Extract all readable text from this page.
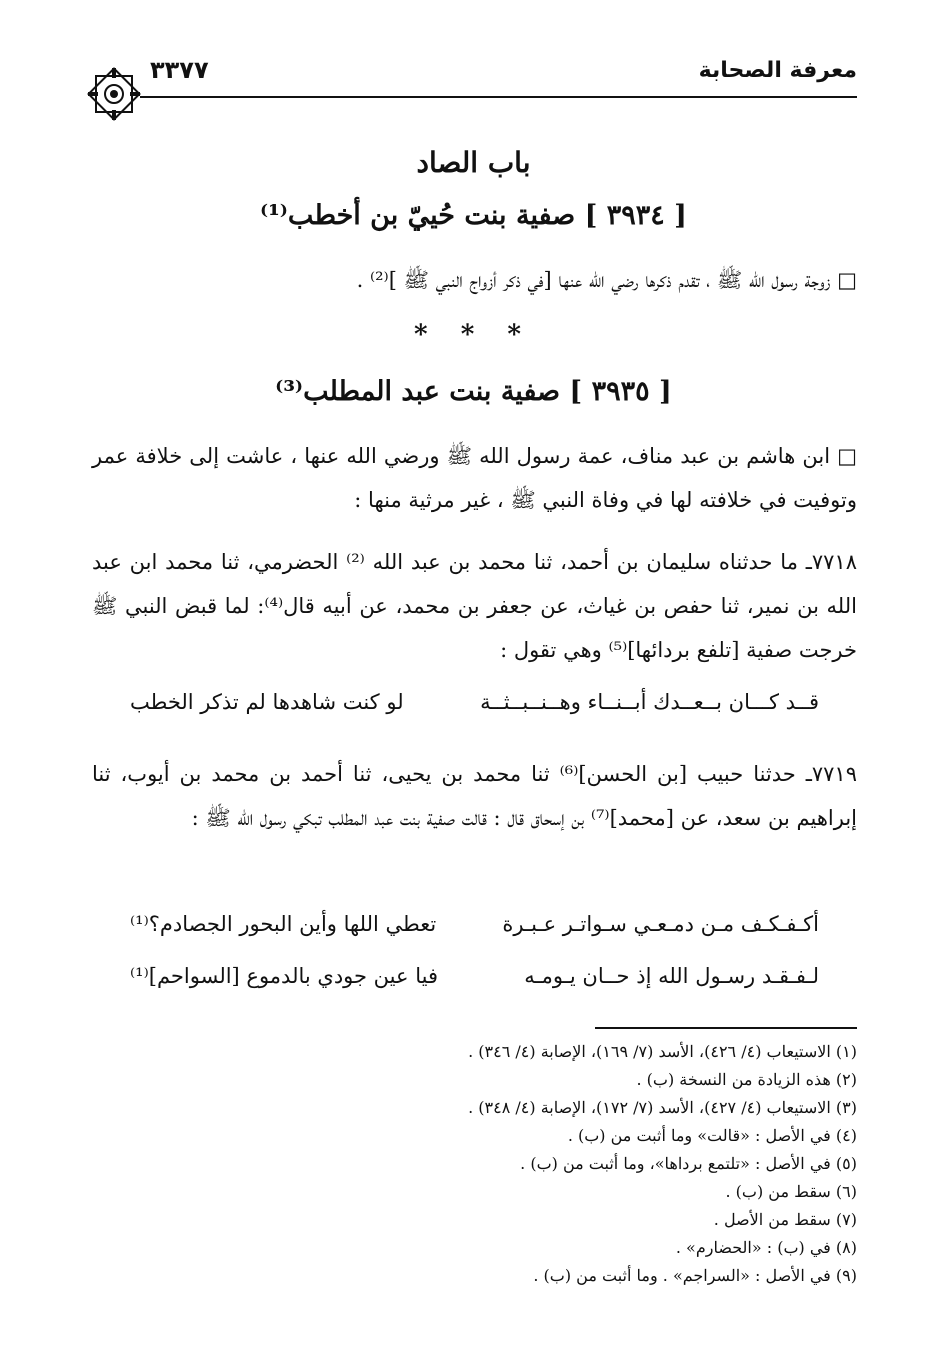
معرفة الصحابة
٣٣٧٧
باب الصاد
[ ٣٩٣٤ ] صفية بنت حُييّ بن أخطب⁽¹⁾
□ زوجة رسول الله ﷺ ، تقدم ذكرها رضي الله عنها [في ذكر أزواج النبي ﷺ ]⁽²⁾ .
* * *
[ ٣٩٣٥ ] صفية بنت عبد المطلب⁽³⁾
□ ابن هاشم بن عبد مناف، عمة رسول الله ﷺ ورضي الله عنها ، عاشت إلى خلافة عمر وتوفيت في خلافته لها في وفاة النبي ﷺ ، غير مرثية منها :
٧٧١٨ـ ما حدثناه سليمان بن أحمد، ثنا محمد بن عبد الله ⁽²⁾ الحضرمي، ثنا محمد ابن عبد الله بن نمير، ثنا حفص بن غياث، عن جعفر بن محمد، عن أبيه قال⁽⁴⁾: لما قبض النبي ﷺ خرجت صفية [تلفع بردائها]⁽⁵⁾ وهي تقول :
قــد كـــان بــعــدك أبــنــاء وهــنــبــثــة
لو كنت شاهدها لم تذكر الخطب
٧٧١٩ـ حدثنا حبيب [بن الحسن]⁽⁶⁾ ثنا محمد بن يحيى، ثنا أحمد بن محمد بن أيوب، ثنا إبراهيم بن سعد، عن [محمد]⁽⁷⁾ بن إسحاق قال : قالت صفية بنت عبد المطلب تبكي رسول الله ﷺ :
أكـفـكـف مـن دمـعـي سـواتـر عـبـرة
تعطي اللها وأين البحور الجصادم؟⁽¹⁾
لـفـقـد رسـول الله إذ حــان يـومـه
فيا عين جودي بالدموع [السواحم]⁽¹⁾
(١) الاستيعاب (٤/ ٤٢٦)، الأسد (٧/ ١٦٩)، الإصابة (٤/ ٣٤٦) .
(٢) هذه الزيادة من النسخة (ب) .
(٣) الاستيعاب (٤/ ٤٢٧)، الأسد (٧/ ١٧٢)، الإصابة (٤/ ٣٤٨) .
(٤) في الأصل : «قالت» وما أثبت من (ب) .
(٥) في الأصل : «تلتمع برداها»، وما أثبت من (ب) .
(٦) سقط من (ب) .
(٧) سقط من الأصل .
(٨) في (ب) : «الحضارم» .
(٩) في الأصل : «السراجم» . وما أثبت من (ب) .
